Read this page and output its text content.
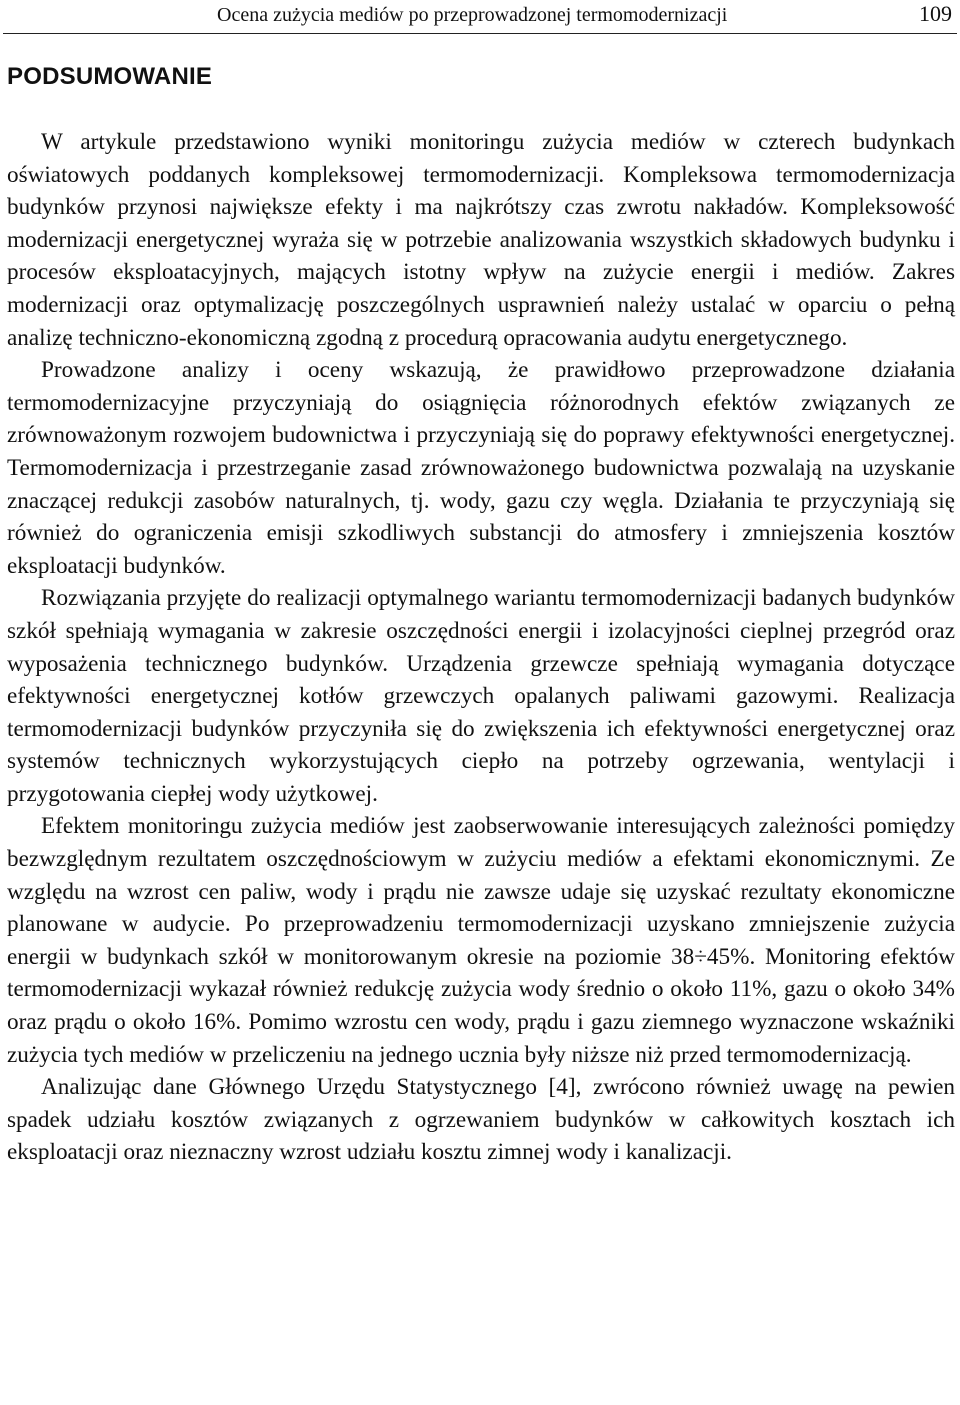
Ocena zużycia mediów po przeprowadzonej termomodernizacji	109
PODSUMOWANIE

W artykule przedstawiono wyniki monitoringu zużycia mediów w czterech budynkach oświatowych poddanych kompleksowej termomodernizacji. Kompleksowa termomodernizacja budynków przynosi największe efekty i ma najkrótszy czas zwrotu nakładów. Kompleksowość modernizacji energetycznej wyraża się w potrzebie analizowania wszystkich składowych budynku i procesów eksploatacyjnych, mających istotny wpływ na zużycie energii i mediów. Zakres modernizacji oraz optymalizację poszczególnych usprawnień należy ustalać w oparciu o pełną analizę techniczno-ekonomiczną zgodną z procedurą opracowania audytu energetycznego.

Prowadzone analizy i oceny wskazują, że prawidłowo przeprowadzone działania termomodernizacyjne przyczyniają do osiągnięcia różnorodnych efektów związanych ze zrównoważonym rozwojem budownictwa i przyczyniają się do poprawy efektywności energetycznej. Termomodernizacja i przestrzeganie zasad zrównoważonego budownictwa pozwalają na uzyskanie znaczącej redukcji zasobów naturalnych, tj. wody, gazu czy węgla. Działania te przyczyniają się również do ograniczenia emisji szkodliwych substancji do atmosfery i zmniejszenia kosztów eksploatacji budynków.

Rozwiązania przyjęte do realizacji optymalnego wariantu termomodernizacji badanych budynków szkół spełniają wymagania w zakresie oszczędności energii i izolacyjności cieplnej przegród oraz wyposażenia technicznego budynków. Urządzenia grzewcze spełniają wymagania dotyczące efektywności energetycznej kotłów grzewczych opalanych paliwami gazowymi. Realizacja termomodernizacji budynków przyczyniła się do zwiększenia ich efektywności energetycznej oraz systemów technicznych wykorzystujących ciepło na potrzeby ogrzewania, wentylacji i przygotowania ciepłej wody użytkowej.

Efektem monitoringu zużycia mediów jest zaobserwowanie interesujących zależności pomiędzy bezwzględnym rezultatem oszczędnościowym w zużyciu mediów a efektami ekonomicznymi. Ze względu na wzrost cen paliw, wody i prądu nie zawsze udaje się uzyskać rezultaty ekonomiczne planowane w audycie. Po przeprowadzeniu termomodernizacji uzyskano zmniejszenie zużycia energii w budynkach szkół w monitorowanym okresie na poziomie 38÷45%. Monitoring efektów termomodernizacji wykazał również redukcję zużycia wody średnio o około 11%, gazu o około 34% oraz prądu o około 16%. Pomimo wzrostu cen wody, prądu i gazu ziemnego wyznaczone wskaźniki zużycia tych mediów w przeliczeniu na jednego ucznia były niższe niż przed termomodernizacją.

Analizując dane Głównego Urzędu Statystycznego [4], zwrócono również uwagę na pewien spadek udziału kosztów związanych z ogrzewaniem budynków w całkowitych kosztach ich eksploatacji oraz nieznaczny wzrost udziału kosztu zimnej wody i kanalizacji.
